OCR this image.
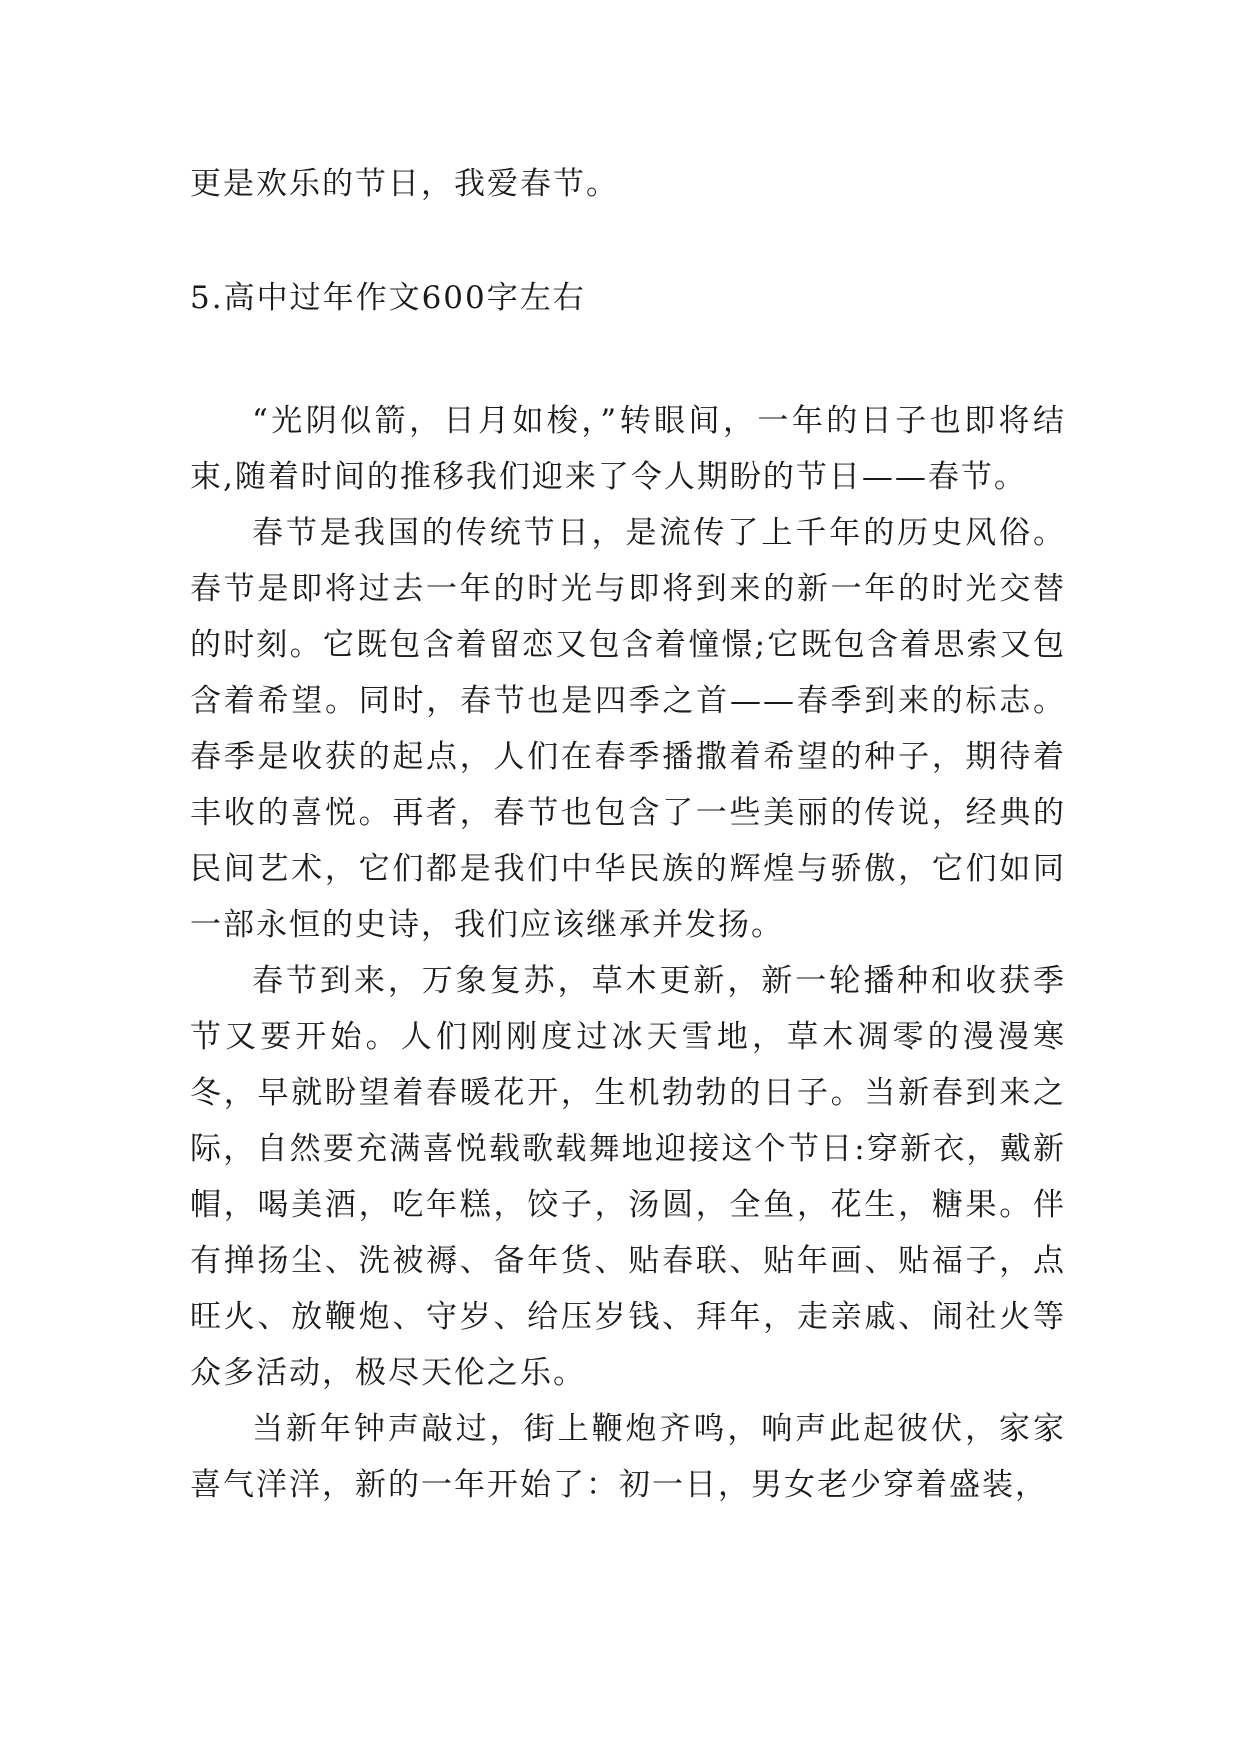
更是欢乐的节日，我爱春节。
5.高中过年作文600字左右

“光阴似箭，日月如梭，”转眼间，一年的日子也即将结束,随着时间的推移我们迎来了令人期盼的节日——春节。

春节是我国的传统节日，是流传了上千年的历史风俗。春节是即将过去一年的时光与即将到来的新一年的时光交替的时刻。它既包含着留恋又包含着憧憬;它既包含着思索又包含着希望。同时，春节也是四季之首——春季到来的标志。春季是收获的起点，人们在春季播撒着希望的种子，期待着丰收的喜悦。再者，春节也包含了一些美丽的传说，经典的民间艺术，它们都是我们中华民族的辉煌与骄傲，它们如同一部永恒的史诗，我们应该继承并发扬。

春节到来，万象复苏，草木更新，新一轮播种和收获季节又要开始。人们刚刚度过冰天雪地，草木凋零的漫漫寒冬，早就盼望着春暖花开，生机勃勃的日子。当新春到来之际，自然要充满喜悦载歌载舞地迎接这个节日:穿新衣，戴新帽，喝美酒，吃年糕，饺子，汤圆，全鱼，花生，糖果。伴有掸扬尘、洗被褥、备年货、贴春联、贴年画、贴福子，点旺火、放鞭炮、守岁、给压岁钱、拜年，走亲戚、闹社火等众多活动，极尽天伦之乐。

当新年钟声敲过，街上鞭炮齐鸣，响声此起彼伏，家家喜气洋洋，新的一年开始了：初一日，男女老少穿着盛装，
